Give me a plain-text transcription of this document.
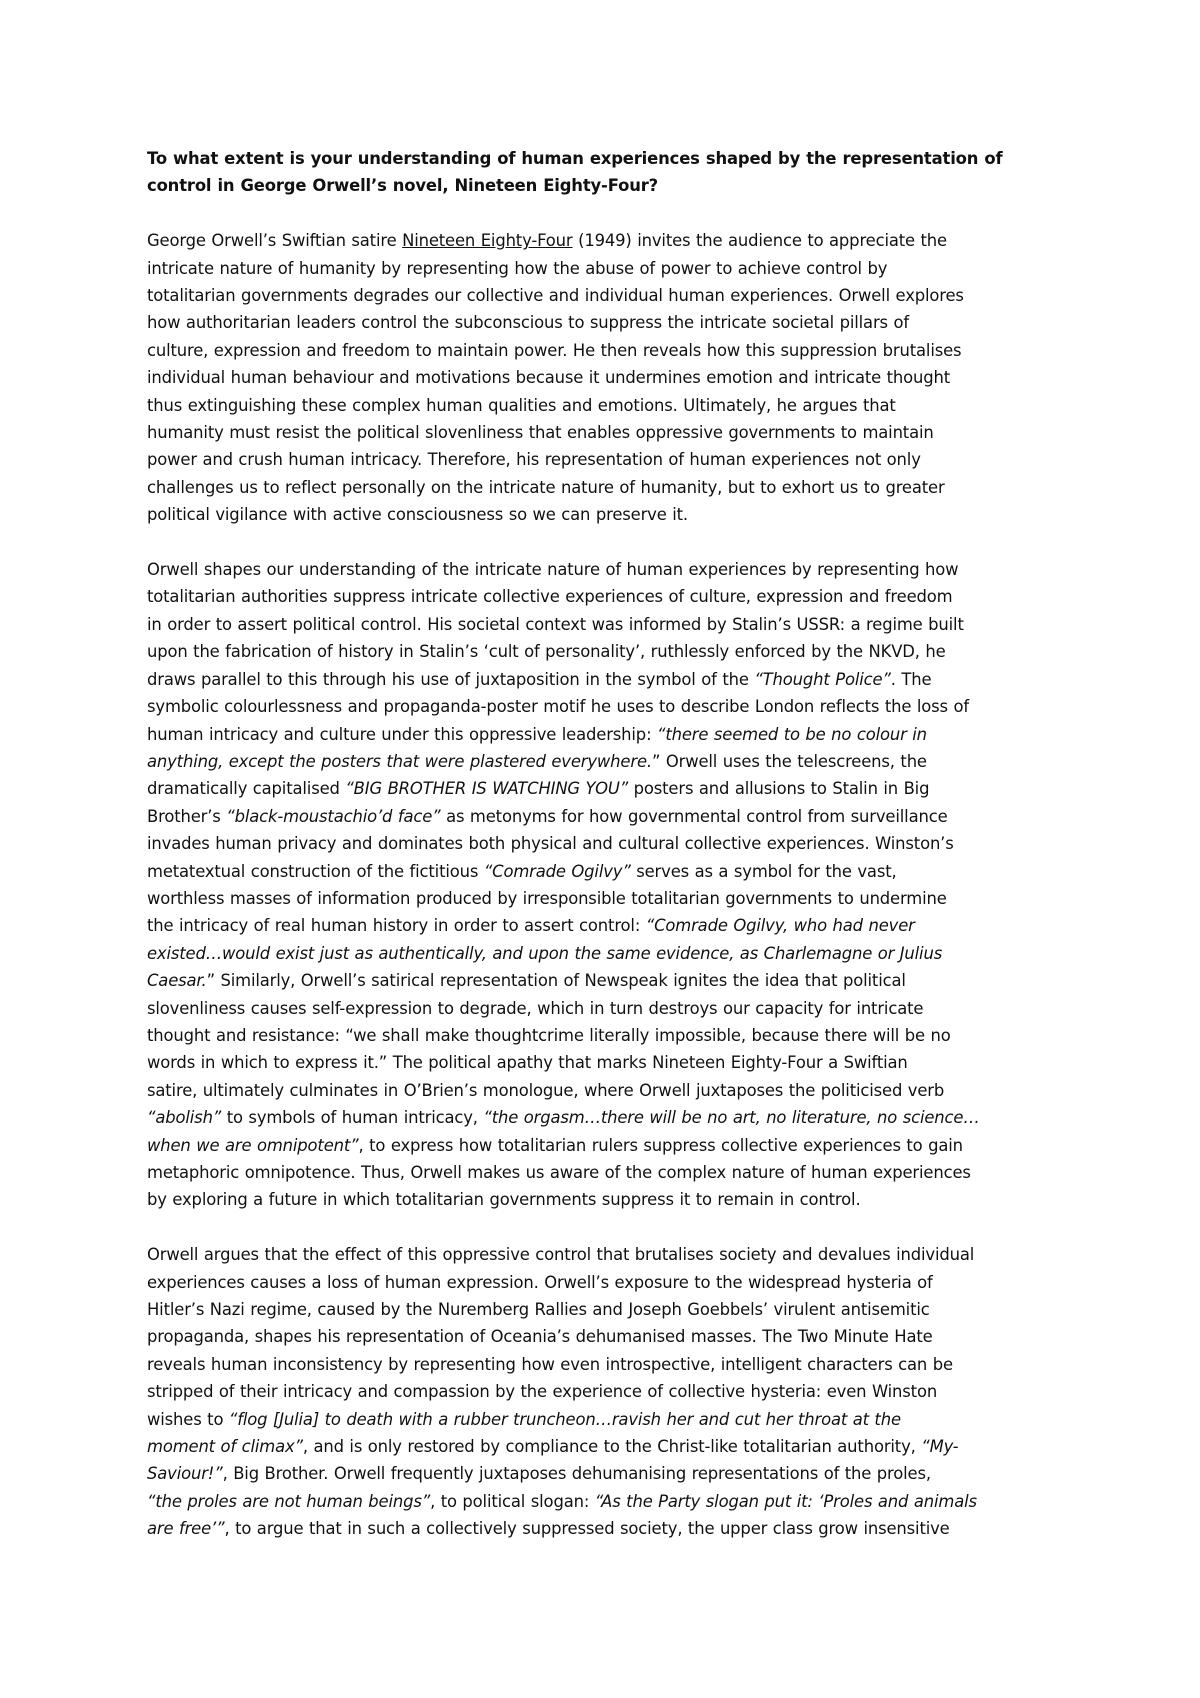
To what extent is your understanding of human experiences shaped by the representation of
control in George Orwell’s novel, Nineteen Eighty-Four?
George Orwell’s Swiftian satire Nineteen Eighty-Four (1949) invites the audience to appreciate the
intricate nature of humanity by representing how the abuse of power to achieve control by
totalitarian governments degrades our collective and individual human experiences. Orwell explores
how authoritarian leaders control the subconscious to suppress the intricate societal pillars of
culture, expression and freedom to maintain power. He then reveals how this suppression brutalises
individual human behaviour and motivations because it undermines emotion and intricate thought
thus extinguishing these complex human qualities and emotions. Ultimately, he argues that
humanity must resist the political slovenliness that enables oppressive governments to maintain
power and crush human intricacy. Therefore, his representation of human experiences not only
challenges us to reflect personally on the intricate nature of humanity, but to exhort us to greater
political vigilance with active consciousness so we can preserve it.
Orwell shapes our understanding of the intricate nature of human experiences by representing how
totalitarian authorities suppress intricate collective experiences of culture, expression and freedom
in order to assert political control. His societal context was informed by Stalin’s USSR: a regime built
upon the fabrication of history in Stalin’s ‘cult of personality’, ruthlessly enforced by the NKVD, he
draws parallel to this through his use of juxtaposition in the symbol of the “Thought Police”. The
symbolic colourlessness and propaganda-poster motif he uses to describe London reflects the loss of
human intricacy and culture under this oppressive leadership: “there seemed to be no colour in
anything, except the posters that were plastered everywhere.” Orwell uses the telescreens, the
dramatically capitalised “BIG BROTHER IS WATCHING YOU” posters and allusions to Stalin in Big
Brother’s “black-moustachio’d face” as metonyms for how governmental control from surveillance
invades human privacy and dominates both physical and cultural collective experiences. Winston’s
metatextual construction of the fictitious “Comrade Ogilvy” serves as a symbol for the vast,
worthless masses of information produced by irresponsible totalitarian governments to undermine
the intricacy of real human history in order to assert control: “Comrade Ogilvy, who had never
existed…would exist just as authentically, and upon the same evidence, as Charlemagne or Julius
Caesar.” Similarly, Orwell’s satirical representation of Newspeak ignites the idea that political
slovenliness causes self-expression to degrade, which in turn destroys our capacity for intricate
thought and resistance: “we shall make thoughtcrime literally impossible, because there will be no
words in which to express it.” The political apathy that marks Nineteen Eighty-Four a Swiftian
satire, ultimately culminates in O’Brien’s monologue, where Orwell juxtaposes the politicised verb
“abolish” to symbols of human intricacy, “the orgasm…there will be no art, no literature, no science…
when we are omnipotent”, to express how totalitarian rulers suppress collective experiences to gain
metaphoric omnipotence. Thus, Orwell makes us aware of the complex nature of human experiences
by exploring a future in which totalitarian governments suppress it to remain in control.
Orwell argues that the effect of this oppressive control that brutalises society and devalues individual
experiences causes a loss of human expression. Orwell’s exposure to the widespread hysteria of
Hitler’s Nazi regime, caused by the Nuremberg Rallies and Joseph Goebbels’ virulent antisemitic
propaganda, shapes his representation of Oceania’s dehumanised masses. The Two Minute Hate
reveals human inconsistency by representing how even introspective, intelligent characters can be
stripped of their intricacy and compassion by the experience of collective hysteria: even Winston
wishes to “flog [Julia] to death with a rubber truncheon…ravish her and cut her throat at the
moment of climax”, and is only restored by compliance to the Christ-like totalitarian authority, “My-
Saviour!”, Big Brother. Orwell frequently juxtaposes dehumanising representations of the proles,
“the proles are not human beings”, to political slogan: “As the Party slogan put it: ‘Proles and animals
are free’”, to argue that in such a collectively suppressed society, the upper class grow insensitive
